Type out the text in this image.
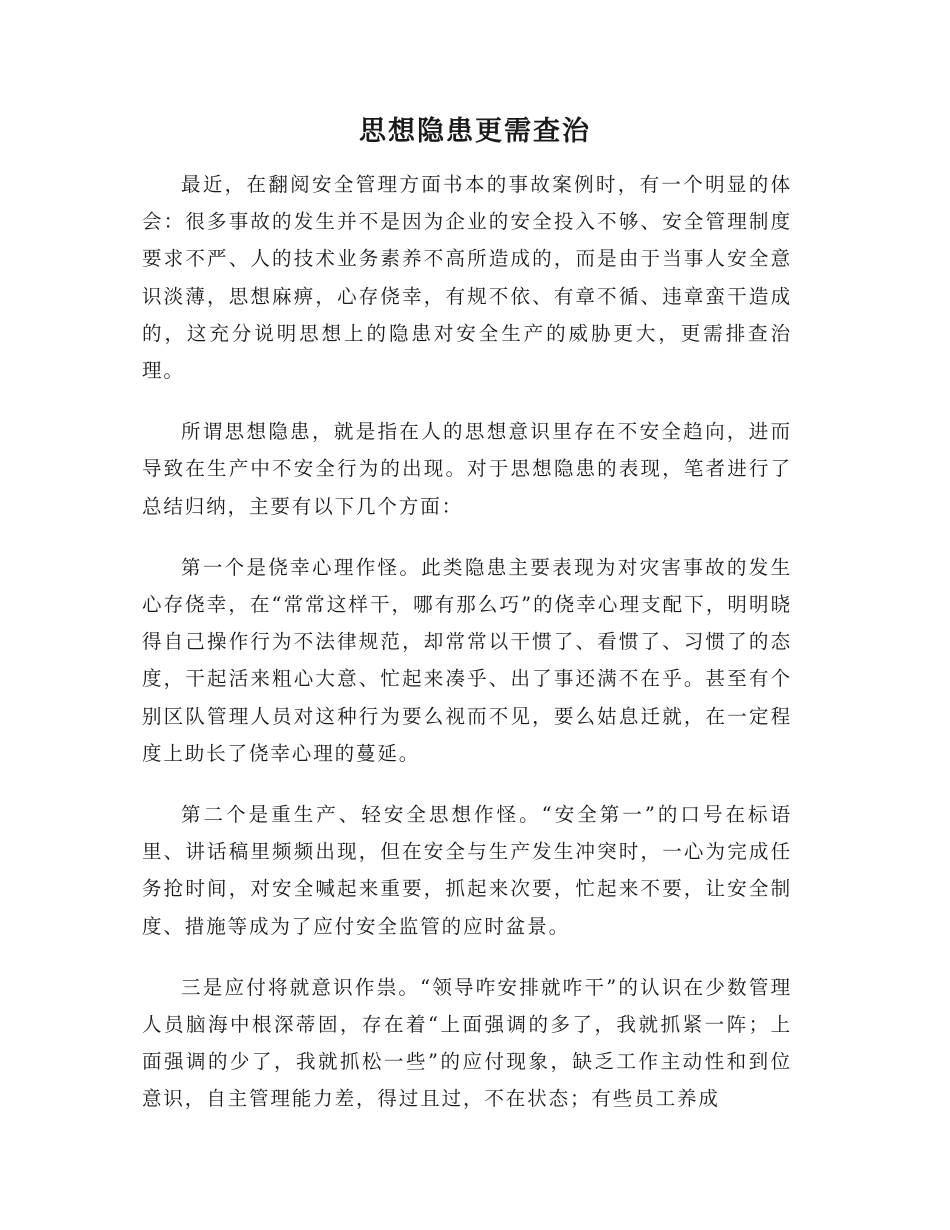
思想隐患更需查治

最近，在翻阅安全管理方面书本的事故案例时，有一个明显的体会：很多事故的发生并不是因为企业的安全投入不够、安全管理制度要求不严、人的技术业务素养不高所造成的，而是由于当事人安全意识淡薄，思想麻痹，心存侥幸，有规不依、有章不循、违章蛮干造成的，这充分说明思想上的隐患对安全生产的威胁更大，更需排查治理。

所谓思想隐患，就是指在人的思想意识里存在不安全趋向，进而导致在生产中不安全行为的出现。对于思想隐患的表现，笔者进行了总结归纳，主要有以下几个方面：

第一个是侥幸心理作怪。此类隐患主要表现为对灾害事故的发生心存侥幸，在“常常这样干，哪有那么巧”的侥幸心理支配下，明明晓得自己操作行为不法律规范，却常常以干惯了、看惯了、习惯了的态度，干起活来粗心大意、忙起来凑乎、出了事还满不在乎。甚至有个别区队管理人员对这种行为要么视而不见，要么姑息迁就，在一定程度上助长了侥幸心理的蔓延。

第二个是重生产、轻安全思想作怪。“安全第一”的口号在标语里、讲话稿里频频出现，但在安全与生产发生冲突时，一心为完成任务抢时间，对安全喊起来重要，抓起来次要，忙起来不要，让安全制度、措施等成为了应付安全监管的应时盆景。

三是应付将就意识作祟。“领导咋安排就咋干”的认识在少数管理人员脑海中根深蒂固，存在着“上面强调的多了，我就抓紧一阵；上面强调的少了，我就抓松一些”的应付现象，缺乏工作主动性和到位意识，自主管理能力差，得过且过，不在状态；有些员工养成
